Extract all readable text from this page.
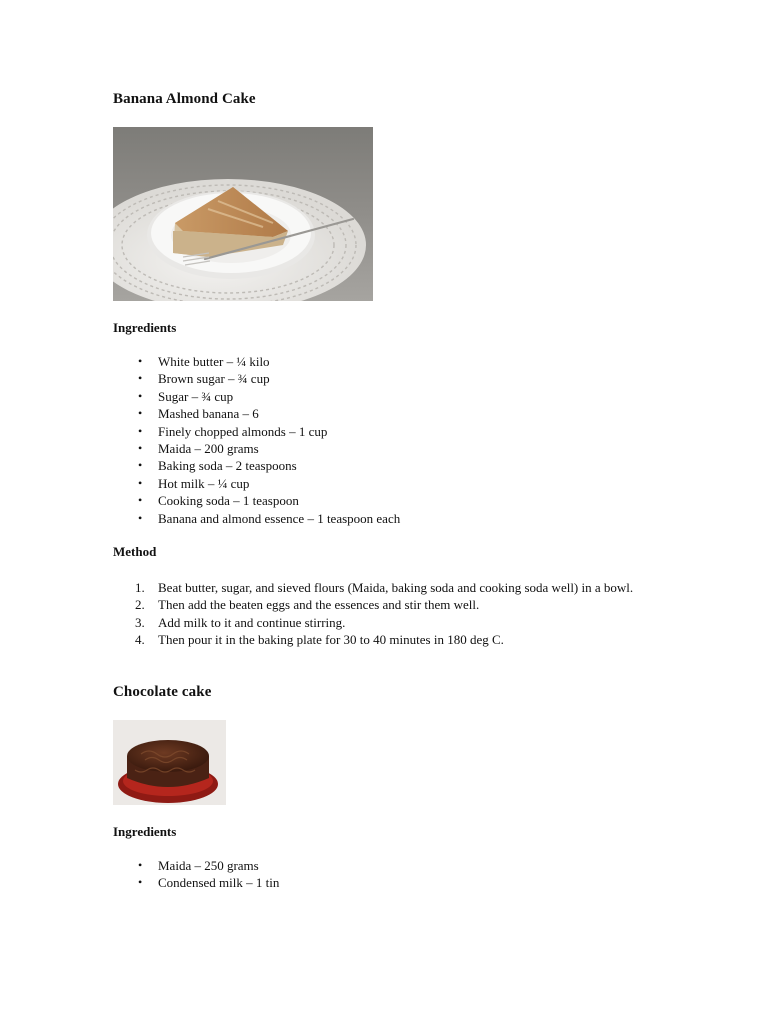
Banana Almond Cake
Ingredients
• White butter – ¼ kilo
• Brown sugar – ¾ cup
• Sugar – ¾ cup
• Mashed banana – 6
• Finely chopped almonds – 1 cup
• Maida – 200 grams
• Baking soda – 2 teaspoons
• Hot milk – ¼ cup
• Cooking soda – 1 teaspoon
• Banana and almond essence – 1 teaspoon each
Method
1. Beat butter, sugar, and sieved flours (Maida, baking soda and cooking soda well) in a bowl.
2. Then add the beaten eggs and the essences and stir them well.
3. Add milk to it and continue stirring.
4. Then pour it in the baking plate for 30 to 40 minutes in 180 deg C.
Chocolate cake
Ingredients
• Maida – 250 grams
• Condensed milk – 1 tin
